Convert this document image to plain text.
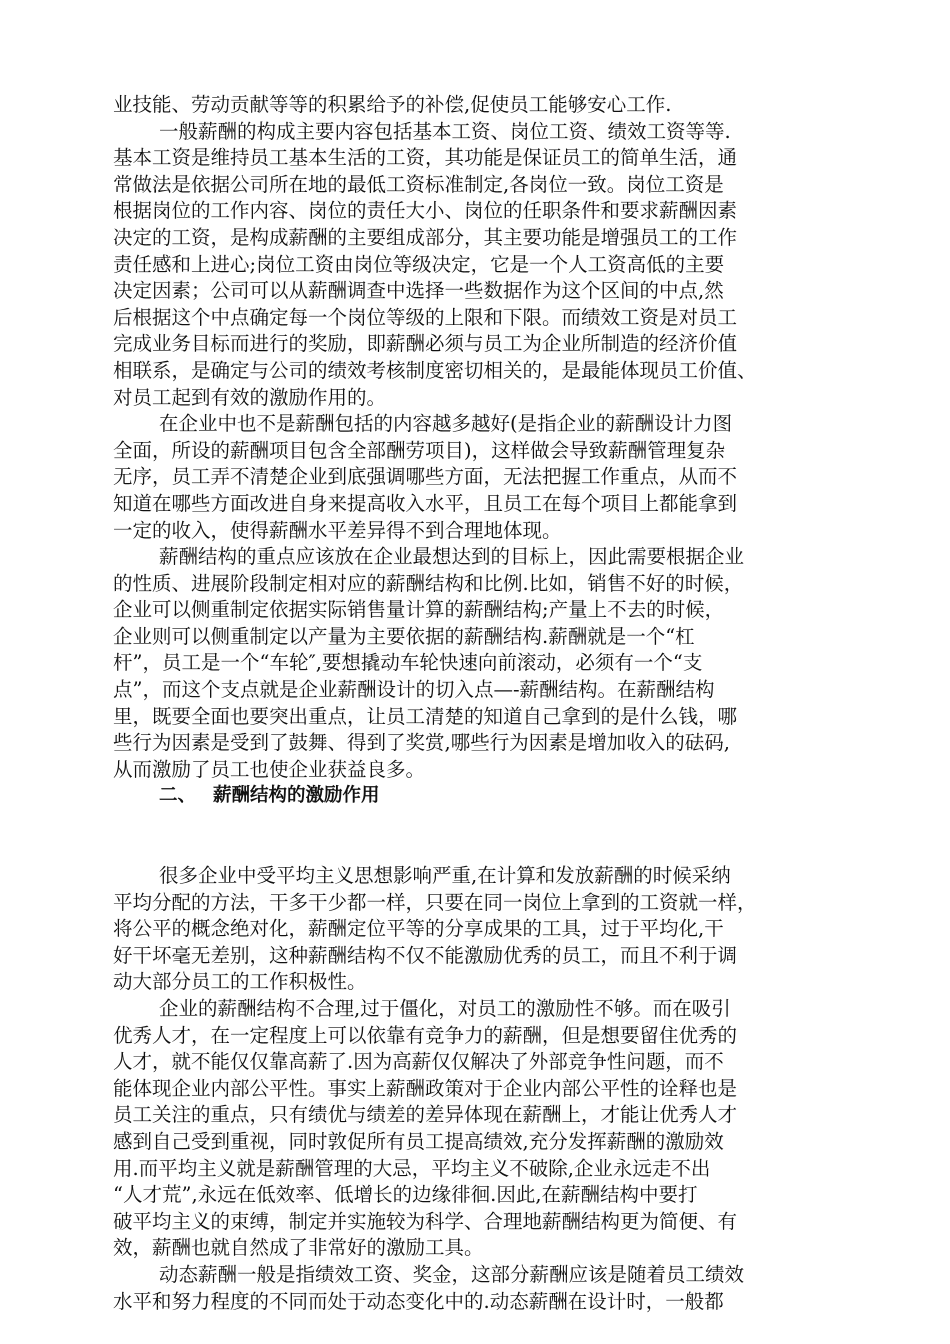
业技能、劳动贡献等等的积累给予的补偿,促使员工能够安心工作.
一般薪酬的构成主要内容包括基本工资、岗位工资、绩效工资等等.
基本工资是维持员工基本生活的工资，其功能是保证员工的简单生活，通
常做法是依据公司所在地的最低工资标准制定,各岗位一致。岗位工资是
根据岗位的工作内容、岗位的责任大小、岗位的任职条件和要求薪酬因素
决定的工资，是构成薪酬的主要组成部分，其主要功能是增强员工的工作
责任感和上进心;岗位工资由岗位等级决定，它是一个人工资高低的主要
决定因素；公司可以从薪酬调查中选择一些数据作为这个区间的中点,然
后根据这个中点确定每一个岗位等级的上限和下限。而绩效工资是对员工
完成业务目标而进行的奖励，即薪酬必须与员工为企业所制造的经济价值
相联系，是确定与公司的绩效考核制度密切相关的，是最能体现员工价值、
对员工起到有效的激励作用的。
在企业中也不是薪酬包括的内容越多越好(是指企业的薪酬设计力图
全面，所设的薪酬项目包含全部酬劳项目)，这样做会导致薪酬管理复杂
无序，员工弄不清楚企业到底强调哪些方面，无法把握工作重点，从而不
知道在哪些方面改进自身来提高收入水平，且员工在每个项目上都能拿到
一定的收入，使得薪酬水平差异得不到合理地体现。
薪酬结构的重点应该放在企业最想达到的目标上，因此需要根据企业
的性质、进展阶段制定相对应的薪酬结构和比例.比如，销售不好的时候，
企业可以侧重制定依据实际销售量计算的薪酬结构;产量上不去的时候，
企业则可以侧重制定以产量为主要依据的薪酬结构.薪酬就是一个“杠
杆”，员工是一个“车轮″,要想撬动车轮快速向前滚动，必须有一个“支
点”，而这个支点就是企业薪酬设计的切入点—-薪酬结构。在薪酬结构
里，既要全面也要突出重点，让员工清楚的知道自己拿到的是什么钱，哪
些行为因素是受到了鼓舞、得到了奖赏,哪些行为因素是增加收入的砝码,
从而激励了员工也使企业获益良多。
二、 薪酬结构的激励作用
很多企业中受平均主义思想影响严重,在计算和发放薪酬的时候采纳
平均分配的方法，干多干少都一样，只要在同一岗位上拿到的工资就一样，
将公平的概念绝对化，薪酬定位平等的分享成果的工具，过于平均化,干
好干坏毫无差别，这种薪酬结构不仅不能激励优秀的员工，而且不利于调
动大部分员工的工作积极性。
企业的薪酬结构不合理,过于僵化，对员工的激励性不够。而在吸引
优秀人才，在一定程度上可以依靠有竞争力的薪酬，但是想要留住优秀的
人才，就不能仅仅靠高薪了.因为高薪仅仅解决了外部竞争性问题，而不
能体现企业内部公平性。事实上薪酬政策对于企业内部公平性的诠释也是
员工关注的重点，只有绩优与绩差的差异体现在薪酬上，才能让优秀人才
感到自己受到重视，同时敦促所有员工提高绩效,充分发挥薪酬的激励效
用.而平均主义就是薪酬管理的大忌，平均主义不破除,企业永远走不出
“人才荒”,永远在低效率、低增长的边缘徘徊.因此,在薪酬结构中要打
破平均主义的束缚，制定并实施较为科学、合理地薪酬结构更为简便、有
效，薪酬也就自然成了非常好的激励工具。
动态薪酬一般是指绩效工资、奖金，这部分薪酬应该是随着员工绩效
水平和努力程度的不同而处于动态变化中的.动态薪酬在设计时，一般都
